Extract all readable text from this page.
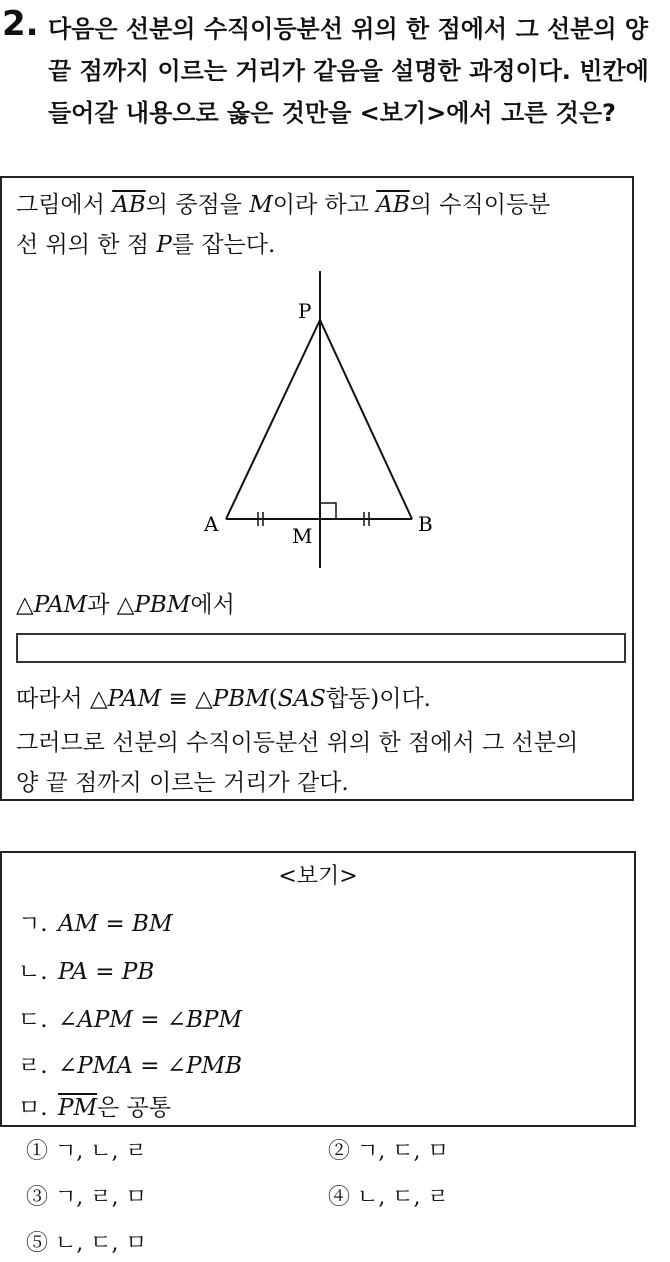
2. 다음은 선분의 수직이등분선 위의 한 점에서 그 선분의 양 끝 점까지 이르는 거리가 같음을 설명한 과정이다. 빈칸에 들어갈 내용으로 옳은 것만을 <보기>에서 고른 것은?
그림에서 $\overline{AB}$의 중점을 M이라 하고 $\overline{AB}$의 수직이등분
선 위의 한 점 P를 잡는다.
P
A	M	B
△PAM과 △PBM에서
따라서 △PAM ≡ △PBM(SAS합동)이다.
그러므로 선분의 수직이등분선 위의 한 점에서 그 선분의
양 끝 점까지 이르는 거리가 같다.
<보기>
ㄱ. AM = BM
ㄴ. PA = PB
ㄷ. ∠APM = ∠BPM
ㄹ. ∠PMA = ∠PMB
ㅁ. $\overline{PM}$은 공통
① ㄱ, ㄴ, ㄹ	② ㄱ, ㄷ, ㅁ
③ ㄱ, ㄹ, ㅁ	④ ㄴ, ㄷ, ㄹ
⑤ ㄴ, ㄷ, ㅁ
